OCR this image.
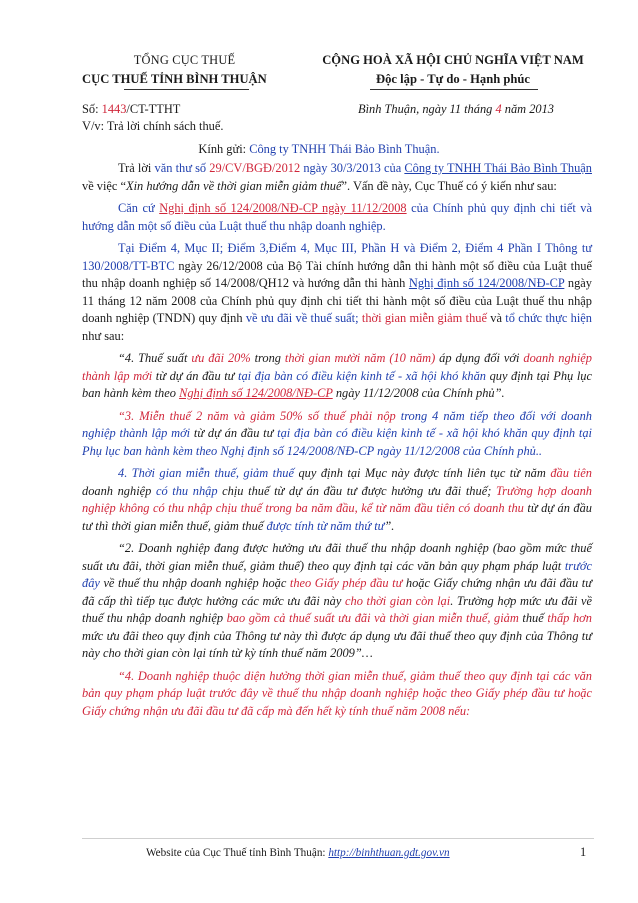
TỔNG CỤC THUẾ
CỤC THUẾ TỈNH BÌNH THUẬN
CỘNG HOÀ XÃ HỘI CHỦ NGHĨA VIỆT NAM
Độc lập - Tự do - Hạnh phúc
Số: 1443/CT-TTHT	Bình Thuận, ngày 11 tháng 4 năm 2013
V/v: Trả lời chính sách thuế.
Kính gửi: Công ty TNHH Thái Bảo Bình Thuận.

Trả lời văn thư số 29/CV/BGĐ/2012 ngày 30/3/2013 của Công ty TNHH Thái Bảo Bình Thuận về việc “Xin hướng dẫn về thời gian miễn giảm thuế”. Vấn đề này, Cục Thuế có ý kiến như sau:

Căn cứ Nghị định số 124/2008/NĐ-CP ngày 11/12/2008 của Chính phủ quy định chi tiết và hướng dẫn một số điều của Luật thuế thu nhập doanh nghiệp.

Tại Điểm 4, Mục II; Điểm 3,Điểm 4, Mục III, Phần H và Điểm 2, Điểm 4 Phần I Thông tư 130/2008/TT-BTC ngày 26/12/2008 của Bộ Tài chính hướng dẫn thi hành một số điều của Luật thuế thu nhập doanh nghiệp số 14/2008/QH12 và hướng dẫn thi hành Nghị định số 124/2008/NĐ-CP ngày 11 tháng 12 năm 2008 của Chính phủ quy định chi tiết thi hành một số điều của Luật thuế thu nhập doanh nghiệp (TNDN) quy định về ưu đãi về thuế suất; thời gian miễn giảm thuế và tổ chức thực hiện như sau:

“4. Thuế suất ưu đãi 20% trong thời gian mười năm (10 năm) áp dụng đối với doanh nghiệp thành lập mới từ dự án đầu tư tại địa bàn có điều kiện kinh tế - xã hội khó khăn quy định tại Phụ lục ban hành kèm theo Nghị định số 124/2008/NĐ-CP ngày 11/12/2008 của Chính phủ”.

“3. Miễn thuế 2 năm và giảm 50% số thuế phải nộp trong 4 năm tiếp theo đối với doanh nghiệp thành lập mới từ dự án đầu tư tại địa bàn có điều kiện kinh tế - xã hội khó khăn quy định tại Phụ lục ban hành kèm theo Nghị định số 124/2008/NĐ-CP ngày 11/12/2008 của Chính phủ..

4. Thời gian miễn thuế, giảm thuế quy định tại Mục này được tính liên tục từ năm đầu tiên doanh nghiệp có thu nhập chịu thuế từ dự án đầu tư được hưởng ưu đãi thuế; Trường hợp doanh nghiệp không có thu nhập chịu thuế trong ba năm đầu, kể từ năm đầu tiên có doanh thu từ dự án đầu tư thì thời gian miễn thuế, giảm thuế được tính từ năm thứ tư”.

“2. Doanh nghiệp đang được hưởng ưu đãi thuế thu nhập doanh nghiệp (bao gồm mức thuế suất ưu đãi, thời gian miễn thuế, giảm thuế) theo quy định tại các văn bản quy phạm pháp luật trước đây về thuế thu nhập doanh nghiệp hoặc theo Giấy phép đầu tư hoặc Giấy chứng nhận ưu đãi đầu tư đã cấp thì tiếp tục được hưởng các mức ưu đãi này cho thời gian còn lại. Trường hợp mức ưu đãi về thuế thu nhập doanh nghiệp bao gồm cả thuế suất ưu đãi và thời gian miễn thuế, giảm thuế thấp hơn mức ưu đãi theo quy định của Thông tư này thì được áp dụng ưu đãi thuế theo quy định của Thông tư này cho thời gian còn lại tính từ kỳ tính thuế năm 2009”…

“4. Doanh nghiệp thuộc diện hưởng thời gian miễn thuế, giảm thuế theo quy định tại các văn bản quy phạm pháp luật trước đây về thuế thu nhập doanh nghiệp hoặc theo Giấy phép đầu tư hoặc Giấy chứng nhận ưu đãi đầu tư đã cấp mà đến hết kỳ tính thuế năm 2008 nếu:

Website của Cục Thuế tỉnh Bình Thuận: http://binhthuan.gdt.gov.vn	1
